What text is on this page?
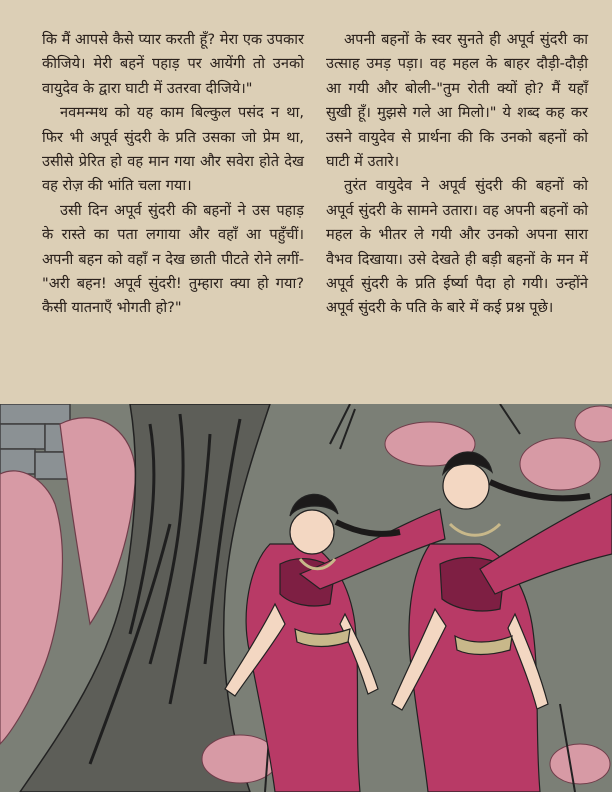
कि मैं आपसे कैसे प्यार करती हूँ? मेरा एक उपकार कीजिये। मेरी बहनें पहाड़ पर आयेंगी तो उनको वायुदेव के द्वारा घाटी में उतरवा दीजिये।"

नवमन्मथ को यह काम बिल्कुल पसंद न था, फिर भी अपूर्व सुंदरी के प्रति उसका जो प्रेम था, उसीसे प्रेरित हो वह मान गया और सवेरा होते देख वह रोज़ की भांति चला गया।

उसी दिन अपूर्व सुंदरी की बहनों ने उस पहाड़ के रास्ते का पता लगाया और वहाँ आ पहुँचीं। अपनी बहन को वहाँ न देख छाती पीटते रोने लगीं-"अरी बहन! अपूर्व सुंदरी! तुम्हारा क्या हो गया? कैसी यातनाएँ भोगती हो?"

अपनी बहनों के स्वर सुनते ही अपूर्व सुंदरी का उत्साह उमड़ पड़ा। वह महल के बाहर दौड़ी-दौड़ी आ गयी और बोली-"तुम रोती क्यों हो? मैं यहाँ सुखी हूँ। मुझसे गले आ मिलो।" ये शब्द कह कर उसने वायुदेव से प्रार्थना की कि उनको बहनों को घाटी में उतारे।

तुरंत वायुदेव ने अपूर्व सुंदरी की बहनों को अपूर्व सुंदरी के सामने उतारा। वह अपनी बहनों को महल के भीतर ले गयी और उनको अपना सारा वैभव दिखाया। उसे देखते ही बड़ी बहनों के मन में अपूर्व सुंदरी के प्रति ईर्ष्या पैदा हो गयी। उन्होंने अपूर्व सुंदरी के पति के बारे में कई प्रश्न पूछे।
